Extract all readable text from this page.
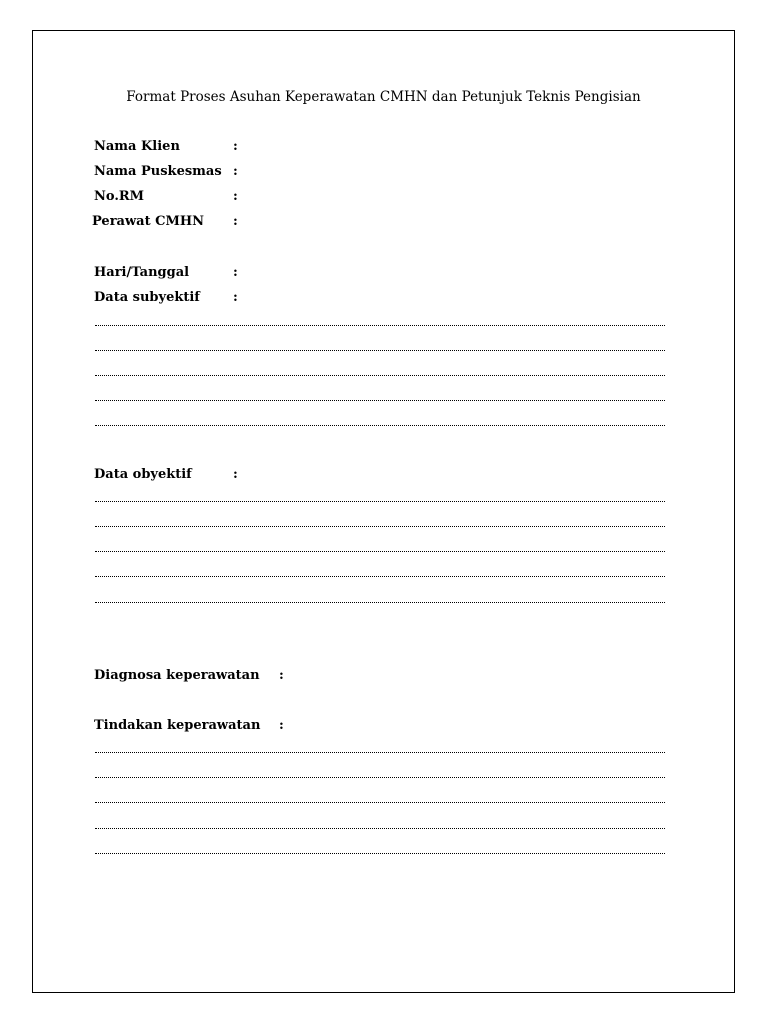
Format Proses Asuhan Keperawatan CMHN dan Petunjuk Teknis Pengisian
Nama Klien	:
Nama Puskesmas :
No.RM	:
Perawat CMHN :
Hari/Tanggal	:
Data subyektif	:
Data obyektif	:
Diagnosa keperawatan :
Tindakan keperawatan :
